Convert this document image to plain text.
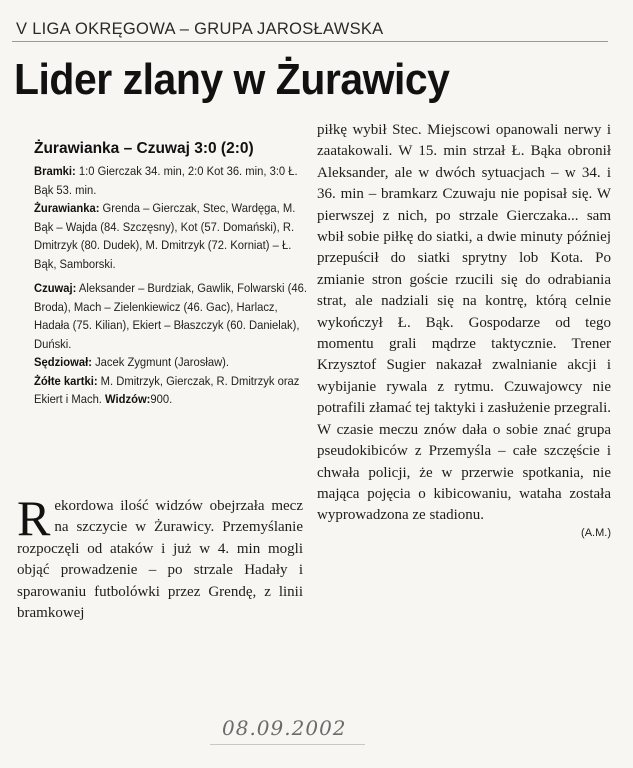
V LIGA OKRĘGOWA – GRUPA JAROSŁAWSKA
Lider zlany w Żurawicy

Żurawianka – Czuwaj 3:0 (2:0)

Bramki: 1:0 Gierczak 34. min, 2:0 Kot 36. min, 3:0 Ł. Bąk 53. min.

Żurawianka: Grenda – Gierczak, Stec, Wardęga, M. Bąk – Wajda (84. Szczęsny), Kot (57. Domański), R. Dmitrzyk (80. Dudek), M. Dmitrzyk (72. Korniat) – Ł. Bąk, Samborski.

Czuwaj: Aleksander – Burdziak, Gawlik, Folwarski (46. Broda), Mach – Zielenkiewicz (46. Gac), Harlacz, Hadała (75. Kilian), Ekiert – Błaszczyk (60. Danielak), Duński.

Sędziował: Jacek Zygmunt (Jarosław).

Żółte kartki: M. Dmitrzyk, Gierczak, R. Dmitrzyk oraz Ekiert i Mach. Widzów:900.

Rekordowa ilość widzów obejrzała mecz na szczycie w Żurawicy. Przemyślanie rozpoczęli od ataków i już w 4. min mogli objąć prowadzenie – po strzale Hadały i sparowaniu futbolówki przez Grendę, z linii bramkowej

piłkę wybił Stec. Miejscowi opanowali nerwy i zaatakowali. W 15. min strzał Ł. Bąka obronił Aleksander, ale w dwóch sytuacjach – w 34. i 36. min – bramkarz Czuwaju nie popisał się. W pierwszej z nich, po strzale Gierczaka... sam wbił sobie piłkę do siatki, a dwie minuty później przepuścił do siatki sprytny lob Kota. Po zmianie stron goście rzucili się do odrabiania strat, ale nadziali się na kontrę, którą celnie wykończył Ł. Bąk. Gospodarze od tego momentu grali mądrze taktycznie. Trener Krzysztof Sugier nakazał zwalnianie akcji i wybijanie rywala z rytmu. Czuwajowcy nie potrafili złamać tej taktyki i zasłużenie przegrali. W czasie meczu znów dała o sobie znać grupa pseudokibiców z Przemyśla – całe szczęście i chwała policji, że w przerwie spotkania, nie mająca pojęcia o kibicowaniu, wataha została wyprowadzona ze stadionu.

(A.M.)
08.09.2002
